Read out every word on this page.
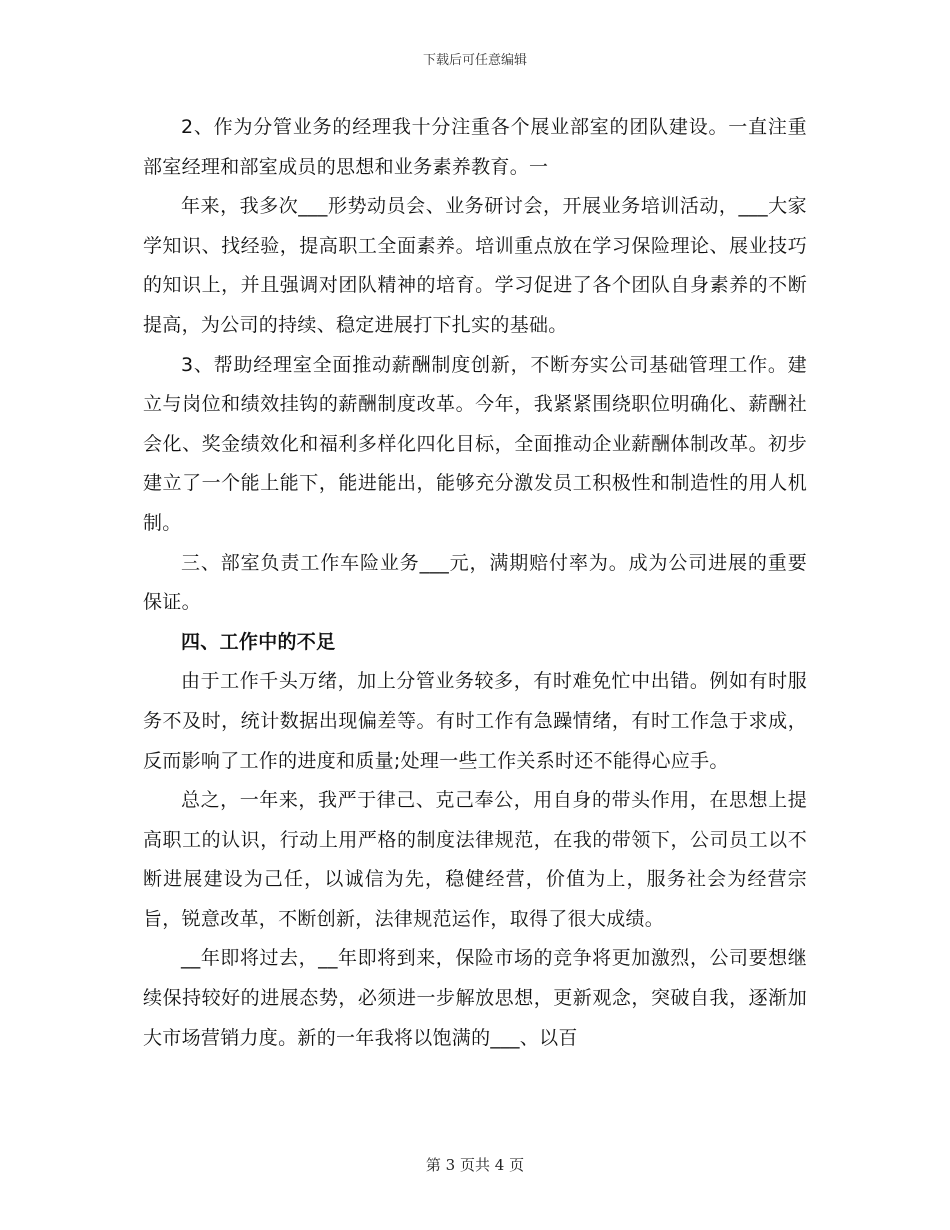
下载后可任意编辑

2、作为分管业务的经理我十分注重各个展业部室的团队建设。一直注重部室经理和部室成员的思想和业务素养教育。一

年来，我多次___形势动员会、业务研讨会，开展业务培训活动，___大家学知识、找经验，提高职工全面素养。培训重点放在学习保险理论、展业技巧的知识上，并且强调对团队精神的培育。学习促进了各个团队自身素养的不断提高，为公司的持续、稳定进展打下扎实的基础。

3、帮助经理室全面推动薪酬制度创新，不断夯实公司基础管理工作。建立与岗位和绩效挂钩的薪酬制度改革。今年，我紧紧围绕职位明确化、薪酬社会化、奖金绩效化和福利多样化四化目标，全面推动企业薪酬体制改革。初步建立了一个能上能下，能进能出，能够充分激发员工积极性和制造性的用人机制。

三、部室负责工作车险业务___元，满期赔付率为。成为公司进展的重要保证。

四、工作中的不足

由于工作千头万绪，加上分管业务较多，有时难免忙中出错。例如有时服务不及时，统计数据出现偏差等。有时工作有急躁情绪，有时工作急于求成，反而影响了工作的进度和质量;处理一些工作关系时还不能得心应手。

总之，一年来，我严于律己、克己奉公，用自身的带头作用，在思想上提高职工的认识，行动上用严格的制度法律规范，在我的带领下，公司员工以不断进展建设为己任，以诚信为先，稳健经营，价值为上，服务社会为经营宗旨，锐意改革，不断创新，法律规范运作，取得了很大成绩。

__年即将过去，__年即将到来，保险市场的竞争将更加激烈，公司要想继续保持较好的进展态势，必须进一步解放思想，更新观念，突破自我，逐渐加大市场营销力度。新的一年我将以饱满的___、以百

第 3 页共 4 页
